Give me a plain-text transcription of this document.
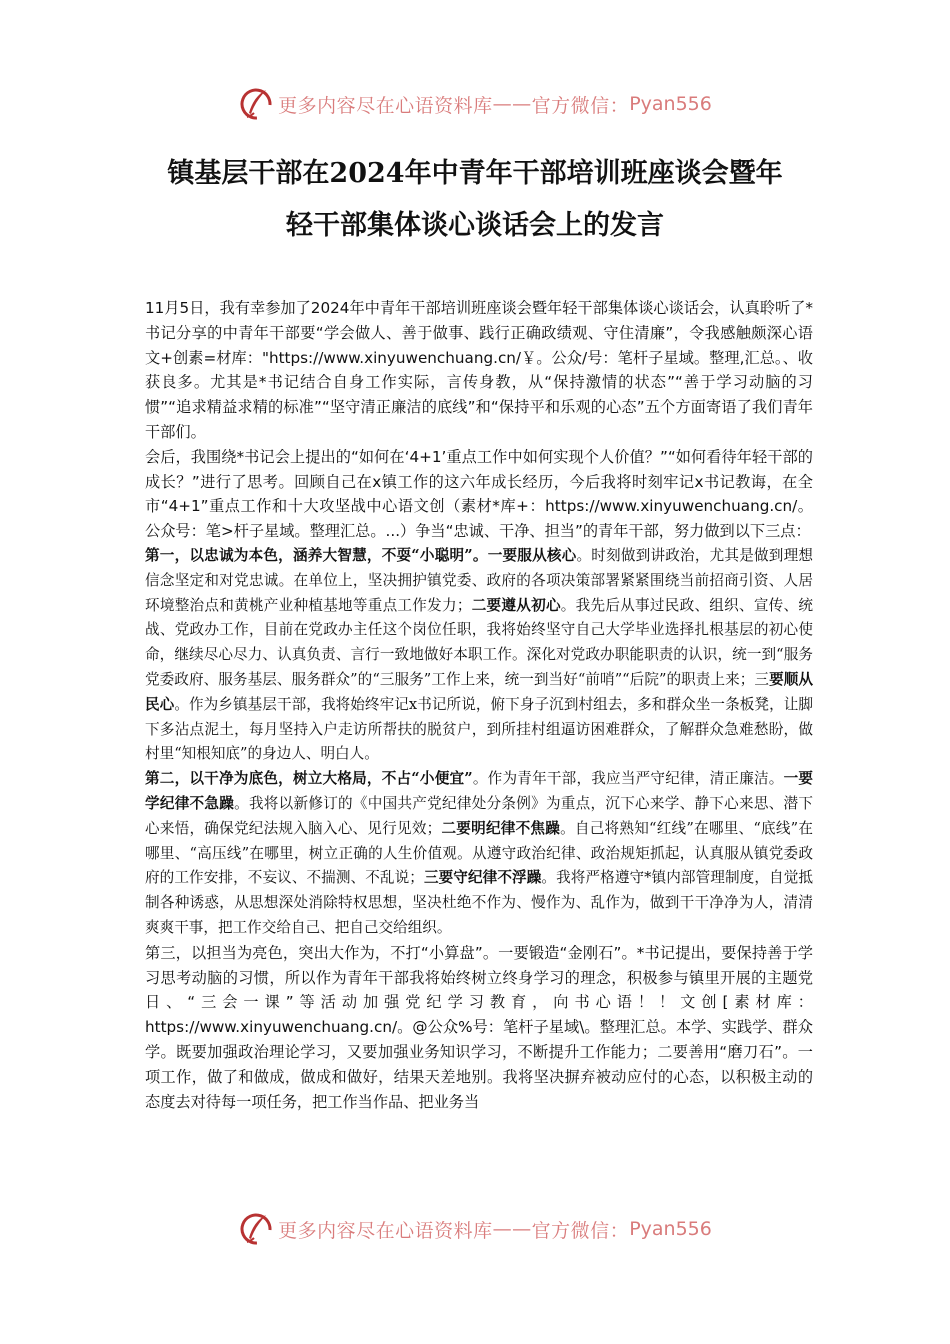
更多内容尽在心语资料库 —— 官方微信： Pyan556
镇基层干部在2024年中青年干部培训班座谈会暨年
轻干部集体谈心谈话会上的发言

11月5日，我有幸参加了2024年中青年干部培训班座谈会暨年轻干部集体谈心谈话会，认真聆听了*书记分享的中青年干部要“学会做人、善于做事、践行正确政绩观、守住清廉”，令我感触颇深心语文+创素=材库："https://www.xinyuwenchuang.cn/￥。公众/号：笔杆子星域。整理,汇总。、收获良多。尤其是*书记结合自身工作实际，言传身教，从“保持激情的状态”“善于学习动脑的习惯”“追求精益求精的标准”“坚守清正廉洁的底线”和“保持平和乐观的心态”五个方面寄语了我们青年干部们。

会后，我围绕*书记会上提出的“如何在‘4+1’重点工作中如何实现个人价值？”“如何看待年轻干部的成长？”进行了思考。回顾自己在x镇工作的这六年成长经历，今后我将时刻牢记x书记教诲，在全市“4+1”重点工作和十大攻坚战中心语文创（素材*库+：https://www.xinyuwenchuang.cn/。公众号：笔>杆子星域。整理汇总。...）争当“忠诚、干净、担当”的青年干部，努力做到以下三点：

第一，以忠诚为本色，涵养大智慧，不耍“小聪明”。一要服从核心。时刻做到讲政治，尤其是做到理想信念坚定和对党忠诚。在单位上，坚决拥护镇党委、政府的各项决策部署紧紧围绕当前招商引资、人居环境整治点和黄桃产业种植基地等重点工作发力；二要遵从初心。我先后从事过民政、组织、宣传、统战、党政办工作，目前在党政办主任这个岗位任职，我将始终坚守自己大学毕业选择扎根基层的初心使命，继续尽心尽力、认真负责、言行一致地做好本职工作。深化对党政办职能职责的认识，统一到“服务党委政府、服务基层、服务群众”的“三服务”工作上来，统一到当好“前哨”“后院”的职责上来；三要顺从民心。作为乡镇基层干部，我将始终牢记x书记所说，俯下身子沉到村组去，多和群众坐一条板凳，让脚下多沾点泥土，每月坚持入户走访所帮扶的脱贫户，到所挂村组逼访困难群众，了解群众急难愁盼，做村里“知根知底”的身边人、明白人。

第二，以干净为底色，树立大格局，不占“小便宜”。作为青年干部，我应当严守纪律，清正廉洁。一要学纪律不急躁。我将以新修订的《中国共产党纪律处分条例》为重点，沉下心来学、静下心来思、潜下心来悟，确保党纪法规入脑入心、见行见效；二要明纪律不焦躁。自己将熟知“红线”在哪里、“底线”在哪里、“高压线”在哪里，树立正确的人生价值观。从遵守政治纪律、政治规矩抓起，认真服从镇党委政府的工作安排，不妄议、不揣测、不乱说；三要守纪律不浮躁。我将严格遵守*镇内部管理制度，自觉抵制各种诱惑，从思想深处消除特权思想，坚决杜绝不作为、慢作为、乱作为，做到干干净净为人，清清爽爽干事，把工作交给自己、把自己交给组织。

第三，以担当为亮色，突出大作为，不打“小算盘”。一要锻造“金刚石”。*书记提出，要保持善于学习思考动脑的习惯，所以作为青年干部我将始终树立终身学习的理念，积极参与镇里开展的主题党日、“三会一课”等活动加强党纪学习教育，向书心语！！文创[素材库：https://www.xinyuwenchuang.cn/。@公众%号：笔杆子星域\。整理汇总。本学、实践学、群众学。既要加强政治理论学习，又要加强业务知识学习，不断提升工作能力；二要善用“磨刀石”。一项工作，做了和做成，做成和做好，结果天差地别。我将坚决摒弃被动应付的心态，以积极主动的态度去对待每一项任务，把工作当作品、把业务当

更多内容尽在心语资料库 —— 官方微信： Pyan556
